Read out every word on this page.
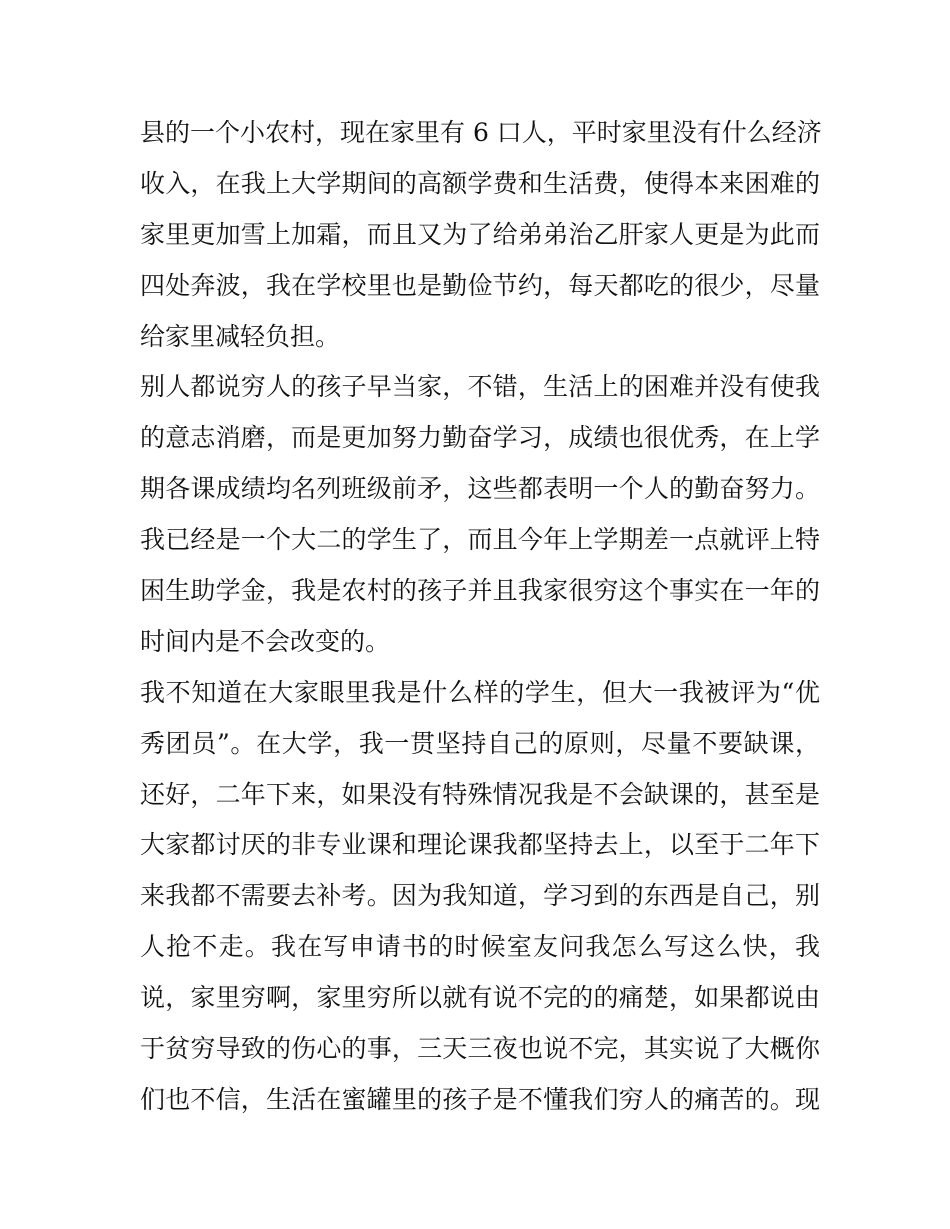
县的一个小农村，现在家里有 6 口人，平时家里没有什么经济
收入，在我上大学期间的高额学费和生活费，使得本来困难的
家里更加雪上加霜，而且又为了给弟弟治乙肝家人更是为此而
四处奔波，我在学校里也是勤俭节约，每天都吃的很少，尽量
给家里减轻负担。
别人都说穷人的孩子早当家，不错，生活上的困难并没有使我
的意志消磨，而是更加努力勤奋学习，成绩也很优秀，在上学
期各课成绩均名列班级前矛，这些都表明一个人的勤奋努力。
我已经是一个大二的学生了，而且今年上学期差一点就评上特
困生助学金，我是农村的孩子并且我家很穷这个事实在一年的
时间内是不会改变的。
我不知道在大家眼里我是什么样的学生，但大一我被评为“优
秀团员”。在大学，我一贯坚持自己的原则，尽量不要缺课，
还好，二年下来，如果没有特殊情况我是不会缺课的，甚至是
大家都讨厌的非专业课和理论课我都坚持去上，以至于二年下
来我都不需要去补考。因为我知道，学习到的东西是自己，别
人抢不走。我在写申请书的时候室友问我怎么写这么快，我
说，家里穷啊，家里穷所以就有说不完的的痛楚，如果都说由
于贫穷导致的伤心的事，三天三夜也说不完，其实说了大概你
们也不信，生活在蜜罐里的孩子是不懂我们穷人的痛苦的。现
